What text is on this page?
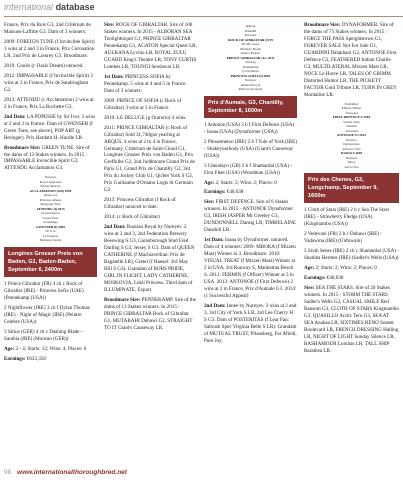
international database

France, Prix du Bois G3, 2nd Critérium de Maisons-Laffitte G2. Dam of 3 winners:

2009: FOREIGN TUNE (f Invincible Spirit) 3 wins at 2 and 3 in France, Prix Coronation LR, 2nd Prix de Lieurey G3. Broodmare.

2010: Coulis (c Oasis Dream) unraced.

2012: IMPASSABLE (f Invincible Spirit) 3 wins at 3 in France, Prix de Sandringham G2.

2013: ATTENDU (c Acclamation) 2 wins at 2 in France, Prix La Rochette G3.

2nd Dam: LA POPESSE by Sir Ivor. 3 wins at 2 and 3 in France. Dam of GWENSEB (f Green Tune, see above), POP ART (g Beringer). Prix Hardatit H. Hurdle LR.

Broodmare Sire: GREEN TUNE. Sire of the dams of 13 Stakes winners. In 2015 : IMPASSABLE Invincible Spirit G2, ATTENDU Acclamation G3.

Nureyev
Royal Applause
Flying Melody
ACCLAMATION (GB) 1999
Ahonoora
Princess Athena
Shopping Wise
ATTENDU (f) 2013
Green Dancer
Green Tune
Soundings
GWENSEB (f) 2003
Sir Ivor
La Popesse
Madonna Sprite
Longines Grosser Preis von Baden, G1, Baden-Baden, September 6, 2400m

1 Prince Gibraltar (FR) 4 ch c Rock of Gibraltar (IRE) - Princess Sofia (UAE) (Pennekamp (USA))

2 Nightflower (IRE) 3 ch f Dylan Thomas (IRE) - Night of Magic (IRE) (Peintre Celebre (USA))

3 Sirius (GER) 4 ch c Dashing Blade - Sarabia (IRE) (Monsun (GER))

Age: 2 - 4; Starts: 12; Wins: 4; Places: 6

Earnings: €633,356

Sire: ROCK OF GIBRALTAR. Sire of 106 Stakes winners. In 2015 - ALBORAN SEA Toolighttoquit G1, PRINCE GIBRALTAR Pennekamp G1, AGATON Special Quest LR, AULKANA Lyvino LR, ROYAL ZULU GUARD King's Theatre LR, TONY CURTIS Lombes LR, TOUNGI Sendawar LR.

1st Dam: PRINCESS SOFIA by Pennekamp. 5 wins at 4 and 5 in France. Dam of 3 winners:

2009: PRINCE OF SOFIA (c Rock of Gibraltar) 3 wins at 3 in France.

2010: LE DELUGE (g Oratorio) 4 wins.

2011: PRINCE GIBRALTAR (c Rock of Gibraltar) Sold 31,740gns yearling at ARQUS. 4 wins at 2 to 4 in France, Germany, Critérium de Saint-Cloud G1, Longines Grosser Preis von Baden G1, Prix Greffulhe G2, 2nd Juddmonte Grand Prix de Paris G1, Grand Prix de Chantilly G2, 3rd Prix du Jockey Club G1, Qu'ber York S G2, Prix Guillaume d'Ornano Logis St Germain G2.

2013: Princess Gibraltar (f Rock of Gibraltar) unraced to date.

2014: (c Rock of Gibraltar)

2nd Dam: Russian Royal by Nureyev. 2 wins at 2 and 3, 2nd Federation Brewery Beeswing S G3, Gainsborough Stud Fred Darling S G3, Jersey S G3. Dam of QUEEN CATHERINE (f Machiavellian: Prix de Bagatelle LR), Gretel (f Hansel: 3rd May Hill S G3). Grandam of BOBS PRIDE, GIRL IN FLIGHT, LADY CATHERINE, MOSKOVIA, Leklí Princess. Third dam of ILLUMINATE, Export.

Broodmare Sire: PENNEKAMP. Sire of the dams of 13 Stakes winners. In 2015 : PRINCE GIBRALTAR Rock of Gibraltar G1, MUTABAHI Dubawi G2, STRAIGHT TO IT Giant's Causeway LR.

Danzig
Danehill
Razyana
ROCK OF GIBRALTAR (f) 99
Be My Guest
Offshore Boom
Push a Button
PRINCE GIBRALTAR ch c 2011
Sinntag
Pennekamp
Coral Dance
PRINCESS SOFIA (f) 2002
Nureyev
Russian Royal
Princess Karenda
Prix d'Aumale, G3, Chantilly, September 8, 1600m

1 Antonoe (USA) 2 b f First Defence (USA) - Ioana (USA) (Dynaformer (USA))

2 Pleasemetoo (IRE) 2 b f Yule of York (IRE) - Shakeyourbody (USA) (Giant's Causeway (USA))

3 Ghendayo (GB) 2 b f Shamardal (USA) - First Fleet (USA) (Woodman (USA))

Age: 2; Starts: 2; Wins: 2; Places: 0

Earnings: €40,638

Sire: FIRST DEFENCE. Sire of 6 Stakes winners. In 2015 - ANTONOE Dynaformer G3, IRISH JASPER Mr Greeley G3, DUNDONNELL Dansig LR, TIMBELAINE Danehill LR.

1st Dam: Ioana by Dynaformer. unraced. Dam of 4 winners: 2009: MBORA (f Mizzen Mast) Winner at 3. Broodmare. 2010: VISUAL TREAT (f Mizzen Mast) Winner at 2 in USA, 3rd Runway S, Manhattan Beach S. 2011: FERMIN (f Officer) Winner at 3 in USA. 2013: ANTONOE (f First Defence) 2 wins at 2 in France, Prix d'Aumale G3. 2014: (c Successful Appeal)

2nd Dam: Innee by Nureyev. 3 wins at 2 and 3, 3rd City of York S LR, 3rd Lee Cherry H S G3. Dam of POSTERITAS (f Lear Fan: Sabrush Spec Virginia Belle S LR). Grandam of MUTUAL TRUST, Pilansberg, Far Afield, Pure Joy.

Broodmare Sire: DYNAFORMER. Sire of the dams of 75 Stakes winners. In 2015 : FORCE THE PASS Speightstown G1, FOREVER SALE Not For Sale G1, GUARDINI Dalakhani G2, ANTONOE First Defence G3, FEATHERED Indian Charlie G3, MULTILATERAL Mizzen Mast LR, NOCE Le Havre LR, TALES OF GRIMM Distorted Humor LR, THE PICKETT FACTOR Gold Tribute LR, TURN IN GREY Montaline LR.

Unbridled
Empire Maker
Toussaud
FIRST DEFENCE b 2004
Seattle Slew
Tenitive
Toussaud
ANTONOE b f 2013
Roberto
Dynaformer
Andover Way
IOANA b 2003
Nureyev
Innee
All At Sea
Prix des Chenes, G3, Longchamp, September 9, 1600m

1 Cloth of Stars (IRE) 2 b c Sea The Stars (IRE) - Strawberry Fledge (USA) (Kingmambo (USA))

2 Vedevani (FR) 2 b c Dubawi (IRE) - Vadawina (IRE) (Unfuwain)

3 Sixth Sense (IRE) 2 ch c Shamardal (USA) - Shabiba Hermes (IRE) (Sadler's Wells (USA))

Age: 2; Starts: 2; Wins: 2; Places: 0

Earnings: €40,638

Sire: SEA THE STARS. Sire of 20 Stakes winners. In 2015 - STORM THE STARS Sadler's Wells G2, CASUAL SMILE Red Ransom G3, CLOTH OF STARS Kingmambo G3, QUASILLO Arctic Tern G3, SEA AT SEA Anabaa LR, SIXTIMES RENO Sunset Boulevard LR, FRENCH DRESSING Halling LR, NIGHT OF LIGHT Sunday Silence LR, RASHAMOUR Lomitas LR, TALL SHIP Barathea LR.

98 www.internationalthoroughbred.net
